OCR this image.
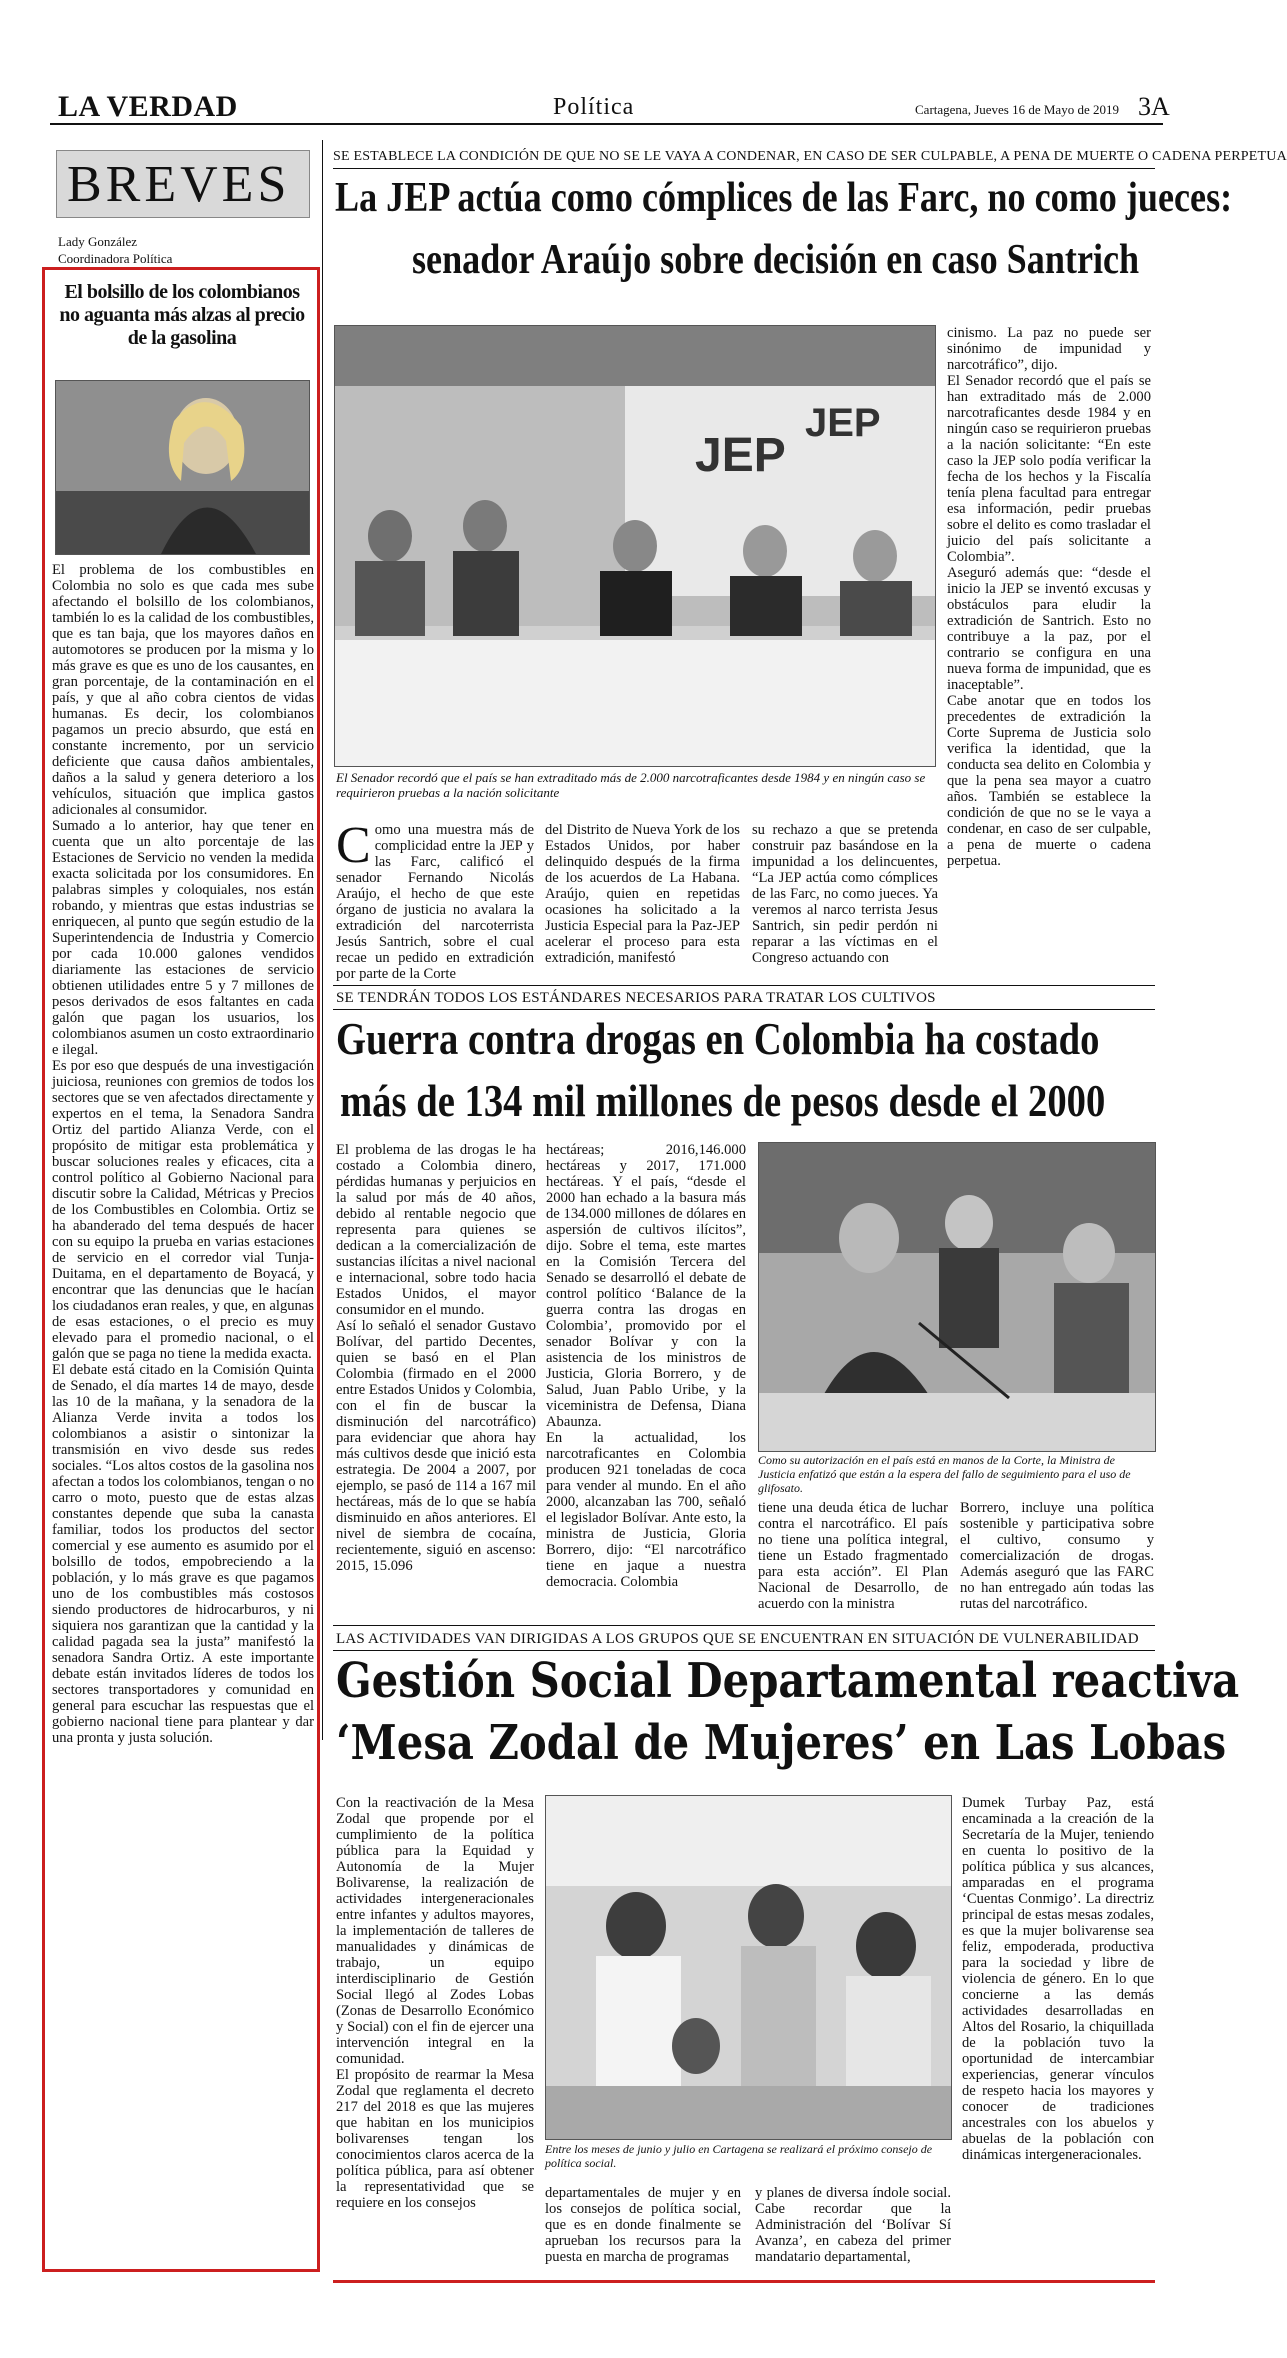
LA VERDAD	Política	Cartagena, Jueves 16 de Mayo de 2019 3A
BREVES
Lady González
Coordinadora Política
El bolsillo de los colombianos no aguanta más alzas al precio de la gasolina
El problema de los combustibles en Colombia no solo es que cada mes sube afectando el bolsillo de los colombianos, también lo es la calidad de los combustibles, que es tan baja, que los mayores daños en automotores se producen por la misma y lo más grave es que es uno de los causantes, en gran porcentaje, de la contaminación en el país, y que al año cobra cientos de vidas humanas. Es decir, los colombianos pagamos un precio absurdo, que está en constante incremento, por un servicio deficiente que causa daños ambientales, daños a la salud y genera deterioro a los vehículos, situación que implica gastos adicionales al consumidor.
Sumado a lo anterior, hay que tener en cuenta que un alto porcentaje de las Estaciones de Servicio no venden la medida exacta solicitada por los consumidores. En palabras simples y coloquiales, nos están robando, y mientras que estas industrias se enriquecen, al punto que según estudio de la Superintendencia de Industria y Comercio por cada 10.000 galones vendidos diariamente las estaciones de servicio obtienen utilidades entre 5 y 7 millones de pesos derivados de esos faltantes en cada galón que pagan los usuarios, los colombianos asumen un costo extraordinario e ilegal.
Es por eso que después de una investigación juiciosa, reuniones con gremios de todos los sectores que se ven afectados directamente y expertos en el tema, la Senadora Sandra Ortiz del partido Alianza Verde, con el propósito de mitigar esta problemática y buscar soluciones reales y eficaces, cita a control político al Gobierno Nacional para discutir sobre la Calidad, Métricas y Precios de los Combustibles en Colombia. Ortiz se ha abanderado del tema después de hacer con su equipo la prueba en varias estaciones de servicio en el corredor vial Tunja-Duitama, en el departamento de Boyacá, y encontrar que las denuncias que le hacían los ciudadanos eran reales, y que, en algunas de esas estaciones, o el precio es muy elevado para el promedio nacional, o el galón que se paga no tiene la medida exacta.
El debate está citado en la Comisión Quinta de Senado, el día martes 14 de mayo, desde las 10 de la mañana, y la senadora de la Alianza Verde invita a todos los colombianos a asistir o sintonizar la transmisión en vivo desde sus redes sociales. “Los altos costos de la gasolina nos afectan a todos los colombianos, tengan o no carro o moto, puesto que de estas alzas constantes depende que suba la canasta familiar, todos los productos del sector comercial y ese aumento es asumido por el bolsillo de todos, empobreciendo a la población, y lo más grave es que pagamos uno de los combustibles más costosos siendo productores de hidrocarburos, y ni siquiera nos garantizan que la cantidad y la calidad pagada sea la justa” manifestó la senadora Sandra Ortiz. A este importante debate están invitados líderes de todos los sectores transportadores y comunidad en general para escuchar las respuestas que el gobierno nacional tiene para plantear y dar una pronta y justa solución.
SE ESTABLECE LA CONDICIÓN DE QUE NO SE LE VAYA A CONDENAR, EN CASO DE SER CULPABLE, A PENA DE MUERTE O CADENA PERPETUA
La JEP actúa como cómplices de las Farc, no como jueces:
senador Araújo sobre decisión en caso Santrich
JEP
JEP
El Senador recordó que el país se han extraditado más de 2.000 narcotraficantes desde 1984 y en ningún caso se requirieron pruebas a la nación solicitante
Como una muestra más de complicidad entre la JEP y las Farc, calificó el senador Fernando Nicolás Araújo, el hecho de que este órgano de justicia no avalara la extradición del narcoterrista Jesús Santrich, sobre el cual recae un pedido en extradición por parte de la Corte
del Distrito de Nueva York de los Estados Unidos, por haber delinquido después de la firma de los acuerdos de La Habana. Araújo, quien en repetidas ocasiones ha solicitado a la Justicia Especial para la Paz-JEP acelerar el proceso para esta extradición, manifestó
su rechazo a que se pretenda construir paz basándose en la impunidad a los delincuentes, “La JEP actúa como cómplices de las Farc, no como jueces. Ya veremos al narco terrista Jesus Santrich, sin pedir perdón ni reparar a las víctimas en el Congreso actuando con
cinismo. La paz no puede ser sinónimo de impunidad y narcotráfico”, dijo.
El Senador recordó que el país se han extraditado más de 2.000 narcotraficantes desde 1984 y en ningún caso se requirieron pruebas a la nación solicitante: “En este caso la JEP solo podía verificar la fecha de los hechos y la Fiscalía tenía plena facultad para entregar esa información, pedir pruebas sobre el delito es como trasladar el juicio del país solicitante a Colombia”.
Aseguró además que: “desde el inicio la JEP se inventó excusas y obstáculos para eludir la extradición de Santrich. Esto no contribuye a la paz, por el contrario se configura en una nueva forma de impunidad, que es inaceptable”.
Cabe anotar que en todos los precedentes de extradición la Corte Suprema de Justicia solo verifica la identidad, que la conducta sea delito en Colombia y que la pena sea mayor a cuatro años. También se establece la condición de que no se le vaya a condenar, en caso de ser culpable, a pena de muerte o cadena perpetua.
SE TENDRÁN TODOS LOS ESTÁNDARES NECESARIOS PARA TRATAR LOS CULTIVOS
Guerra contra drogas en Colombia ha costado
más de 134 mil millones de pesos desde el 2000
El problema de las drogas le ha costado a Colombia dinero, pérdidas humanas y perjuicios en la salud por más de 40 años, debido al rentable negocio que representa para quienes se dedican a la comercialización de sustancias ilícitas a nivel nacional e internacional, sobre todo hacia Estados Unidos, el mayor consumidor en el mundo.
Así lo señaló el senador Gustavo Bolívar, del partido Decentes, quien se basó en el Plan Colombia (firmado en el 2000 entre Estados Unidos y Colombia, con el fin de buscar la disminución del narcotráfico) para evidenciar que ahora hay más cultivos desde que inició esta estrategia. De 2004 a 2007, por ejemplo, se pasó de 114 a 167 mil hectáreas, más de lo que se había disminuido en años anteriores. El nivel de siembra de cocaína, recientemente, siguió en ascenso: 2015, 15.096
hectáreas; 2016,146.000 hectáreas y 2017, 171.000 hectáreas. Y el país, “desde el 2000 han echado a la basura más de 134.000 millones de dólares en aspersión de cultivos ilícitos”, dijo. Sobre el tema, este martes en la Comisión Tercera del Senado se desarrolló el debate de control político ‘Balance de la guerra contra las drogas en Colombia’, promovido por el senador Bolívar y con la asistencia de los ministros de Justicia, Gloria Borrero, y de Salud, Juan Pablo Uribe, y la viceministra de Defensa, Diana Abaunza.
En la actualidad, los narcotraficantes en Colombia producen 921 toneladas de coca para vender al mundo. En el año 2000, alcanzaban las 700, señaló el legislador Bolívar. Ante esto, la ministra de Justicia, Gloria Borrero, dijo: “El narcotráfico tiene en jaque a nuestra democracia. Colombia
Como su autorización en el país está en manos de la Corte, la Ministra de Justicia enfatizó que están a la espera del fallo de seguimiento para el uso de glifosato.
tiene una deuda ética de luchar contra el narcotráfico. El país no tiene una política integral, tiene un Estado fragmentado para esta acción”. El Plan Nacional de Desarrollo, de acuerdo con la ministra
Borrero, incluye una política sostenible y participativa sobre el cultivo, consumo y comercialización de drogas. Además aseguró que las FARC no han entregado aún todas las rutas del narcotráfico.
LAS ACTIVIDADES VAN DIRIGIDAS A LOS GRUPOS QUE SE ENCUENTRAN EN SITUACIÓN DE VULNERABILIDAD
Gestión Social Departamental reactiva
‘Mesa Zodal de Mujeres’ en Las Lobas
Con la reactivación de la Mesa Zodal que propende por el cumplimiento de la política pública para la Equidad y Autonomía de la Mujer Bolivarense, la realización de actividades intergeneracionales entre infantes y adultos mayores, la implementación de talleres de manualidades y dinámicas de trabajo, un equipo interdisciplinario de Gestión Social llegó al Zodes Lobas (Zonas de Desarrollo Económico y Social) con el fin de ejercer una intervención integral en la comunidad.
El propósito de rearmar la Mesa Zodal que reglamenta el decreto 217 del 2018 es que las mujeres que habitan en los municipios bolivarenses tengan los conocimientos claros acerca de la política pública, para así obtener la representatividad que se requiere en los consejos
Entre los meses de junio y julio en Cartagena se realizará el próximo consejo de política social.
departamentales de mujer y en los consejos de política social, que es en donde finalmente se aprueban los recursos para la puesta en marcha de programas
y planes de diversa índole social. Cabe recordar que la Administración del ‘Bolívar Sí Avanza’, en cabeza del primer mandatario departamental,
Dumek Turbay Paz, está encaminada a la creación de la Secretaría de la Mujer, teniendo en cuenta lo positivo de la política pública y sus alcances, amparadas en el programa ‘Cuentas Conmigo’. La directriz principal de estas mesas zodales, es que la mujer bolivarense sea feliz, empoderada, productiva para la sociedad y libre de violencia de género. En lo que concierne a las demás actividades desarrolladas en Altos del Rosario, la chiquillada de la población tuvo la oportunidad de intercambiar experiencias, generar vínculos de respeto hacia los mayores y conocer de tradiciones ancestrales con los abuelos y abuelas de la población con dinámicas intergeneracionales.
